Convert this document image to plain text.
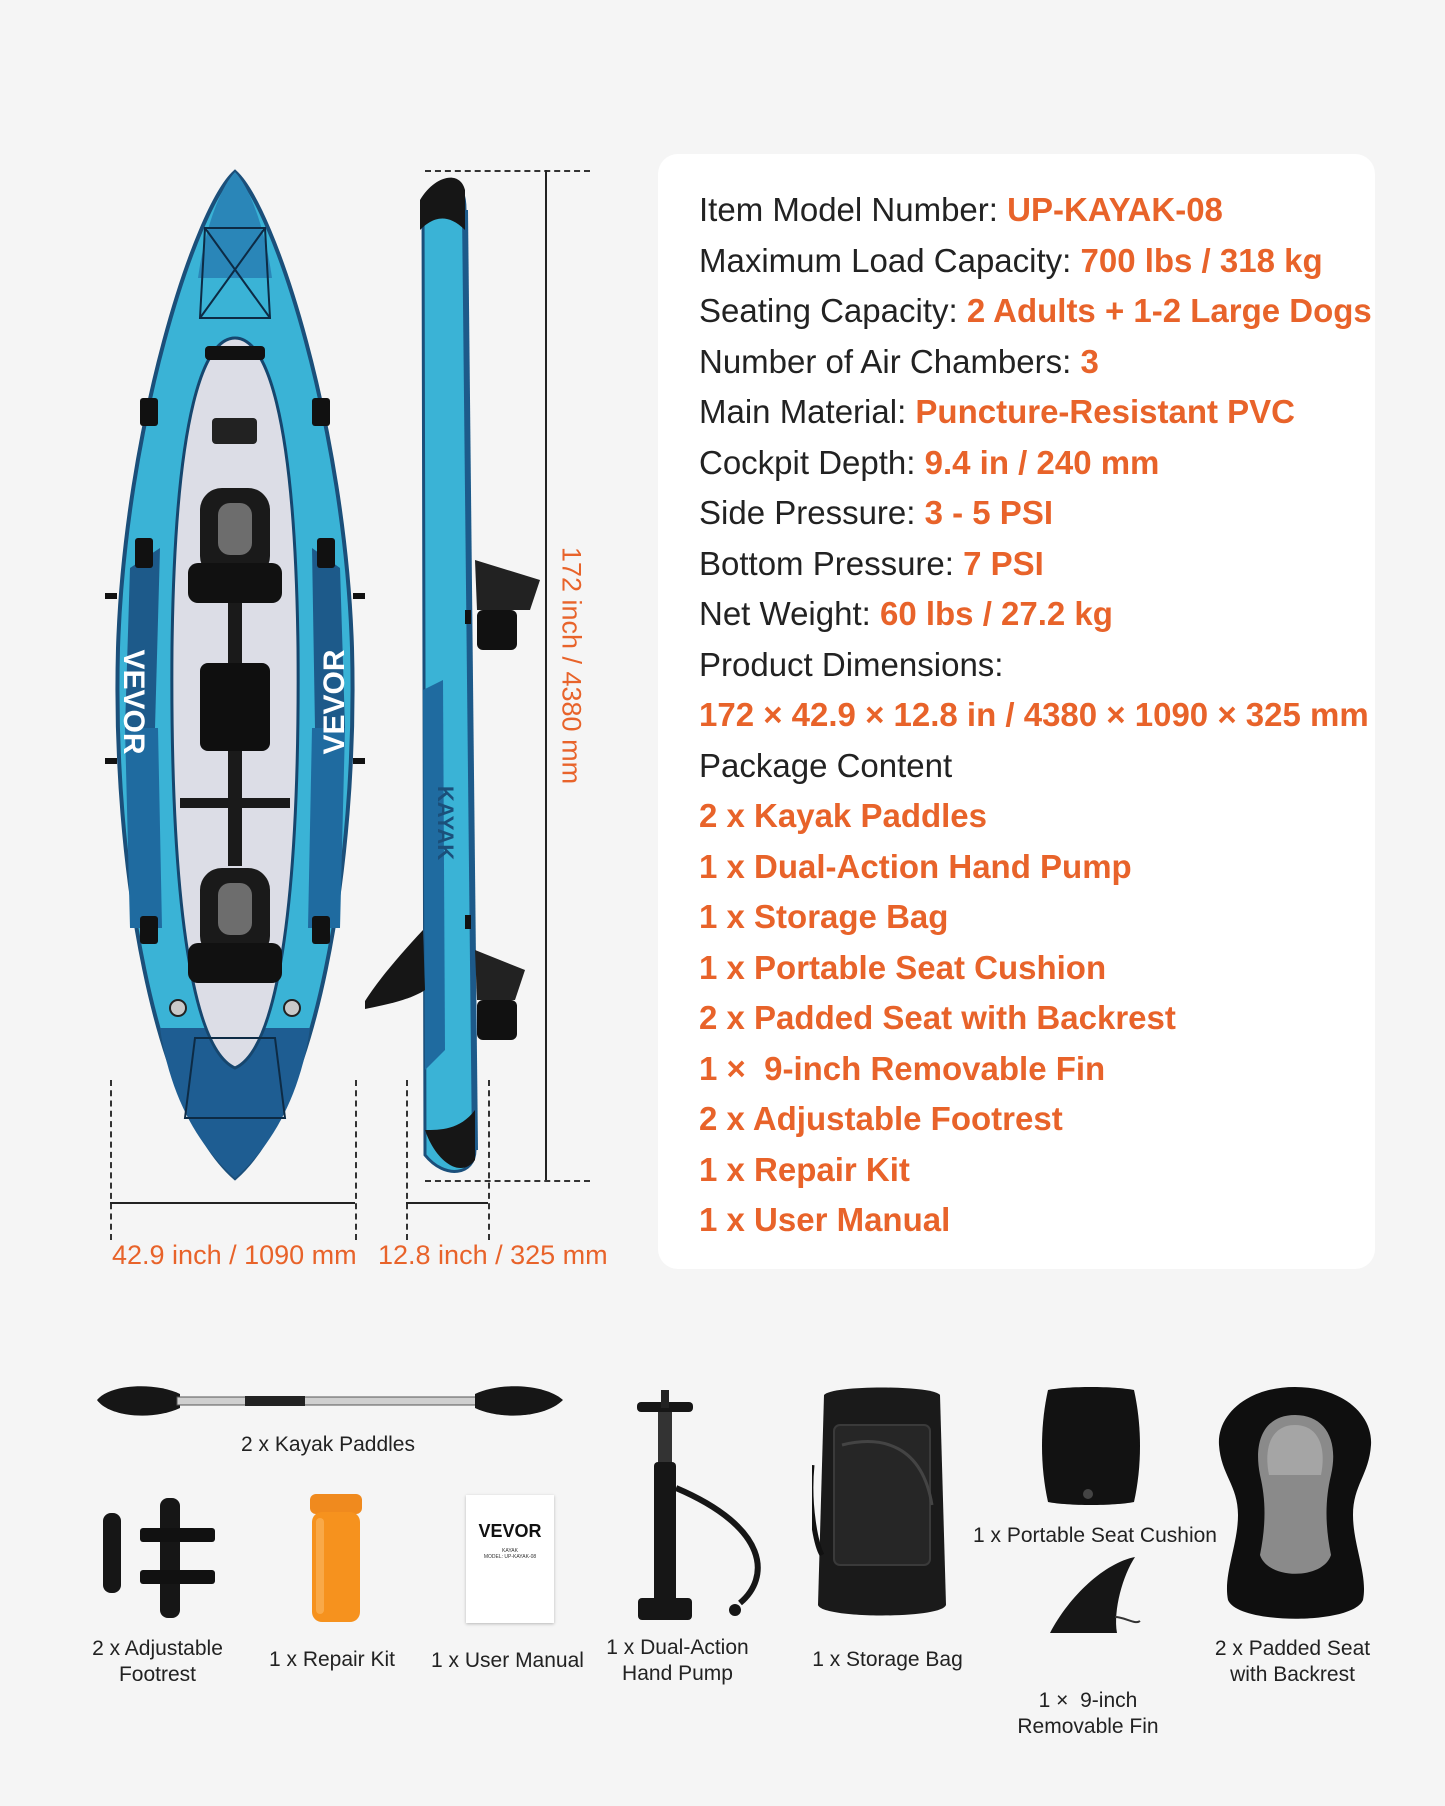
VEVOR	VEVOR
KAYAK
172 inch / 4380 mm
42.9 inch / 1090 mm 12.8 inch / 325 mm
Item Model Number: UP-KAYAK-08
Maximum Load Capacity: 700 lbs / 318 kg
Seating Capacity: 2 Adults + 1-2 Large Dogs
Number of Air Chambers: 3
Main Material: Puncture-Resistant PVC
Cockpit Depth: 9.4 in / 240 mm
Side Pressure: 3 - 5 PSI
Bottom Pressure: 7 PSI
Net Weight: 60 lbs / 27.2 kg
Product Dimensions:
172 × 42.9 × 12.8 in / 4380 × 1090 × 325 mm
Package Content
2 x Kayak Paddles
1 x Dual-Action Hand Pump
1 x Storage Bag
1 x Portable Seat Cushion
2 x Padded Seat with Backrest
1 ×  9-inch Removable Fin
2 x Adjustable Footrest
1 x Repair Kit
1 x User Manual
2 x Kayak Paddles
2 x Adjustable
Footrest
1 x Repair Kit
VEVOR
KAYAK
MODEL: UP-KAYAK-08
1 x User Manual
1 x Dual-Action
Hand Pump
1 x Storage Bag
1 x Portable Seat Cushion

1 ×  9-inch
Removable Fin

2 x Padded Seat
with Backrest
